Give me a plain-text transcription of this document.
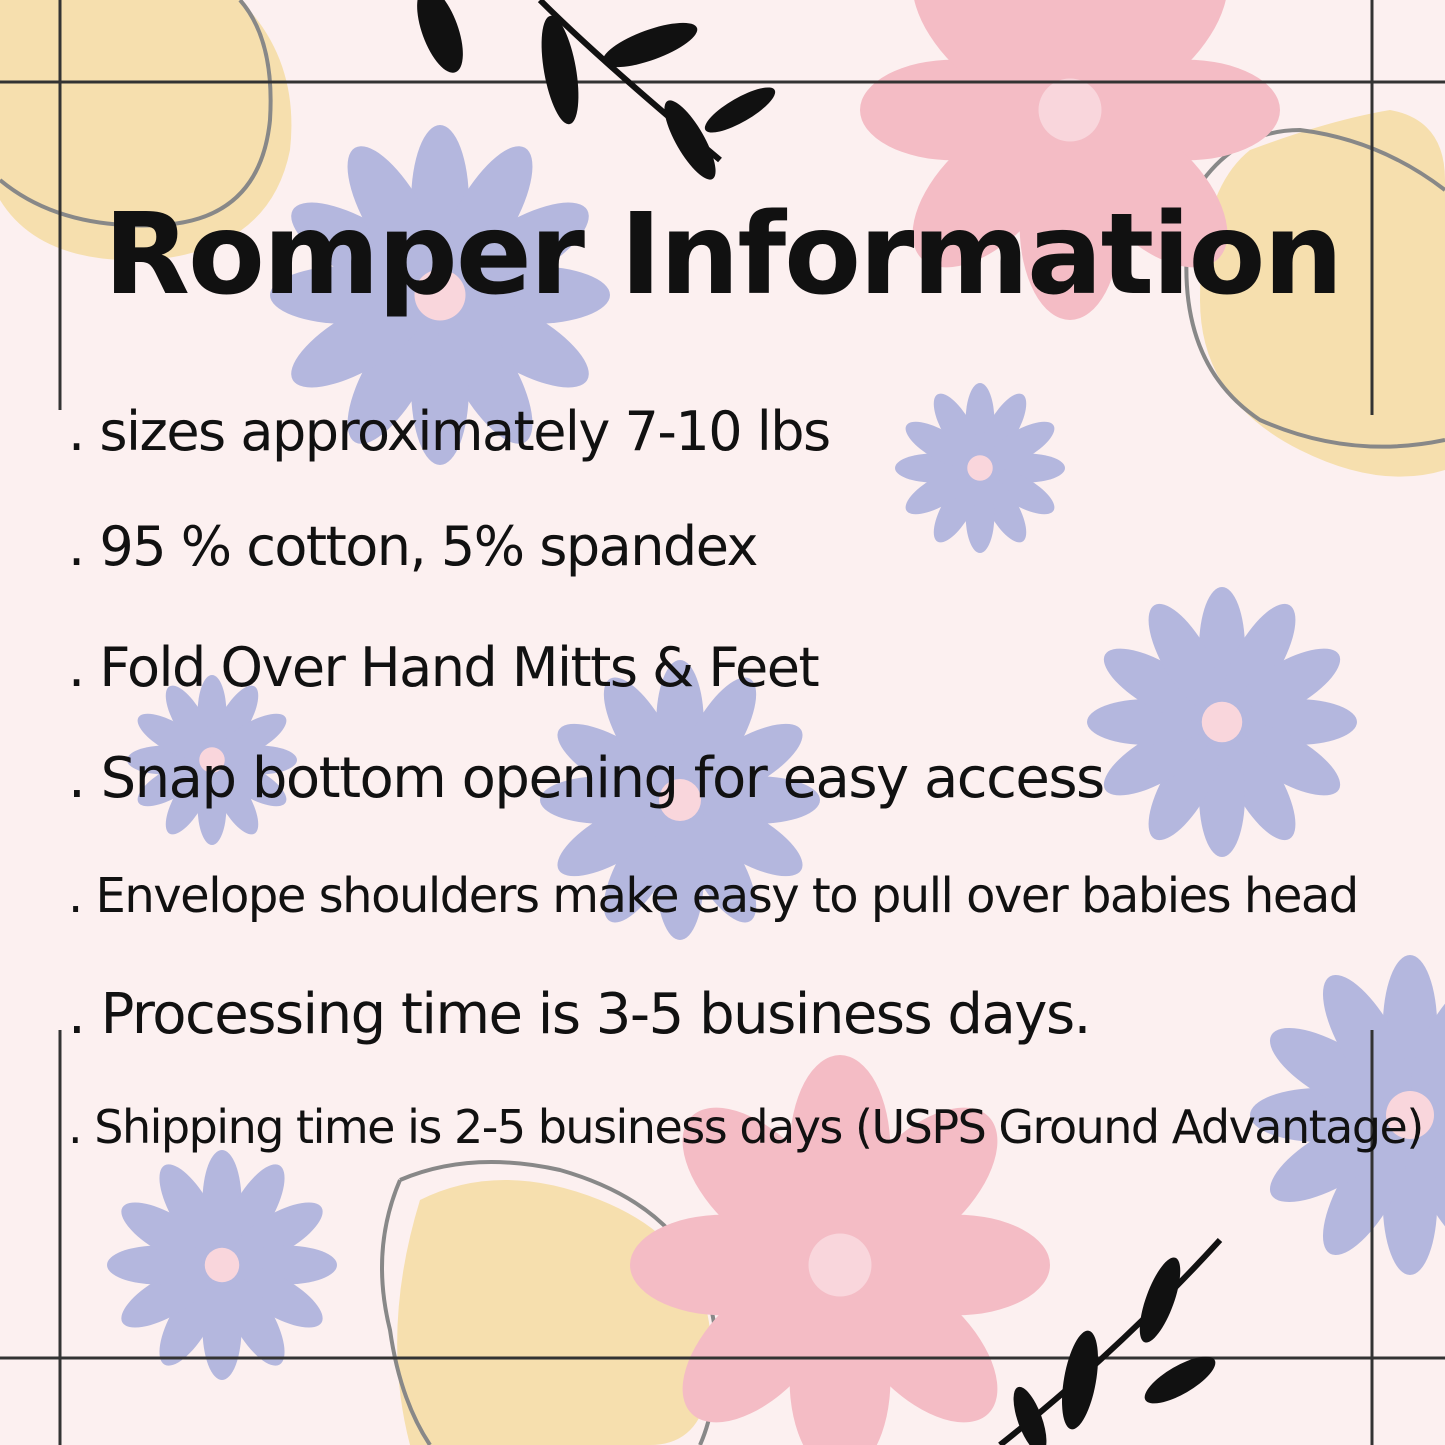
Romper Information
. sizes approximately 7-10 lbs
. 95 % cotton, 5% spandex
. Fold Over Hand Mitts & Feet
. Snap bottom opening for easy access
. Envelope shoulders make easy to pull over babies head
. Processing time is 3-5 business days.
. Shipping time is 2-5 business days (USPS Ground Advantage)
